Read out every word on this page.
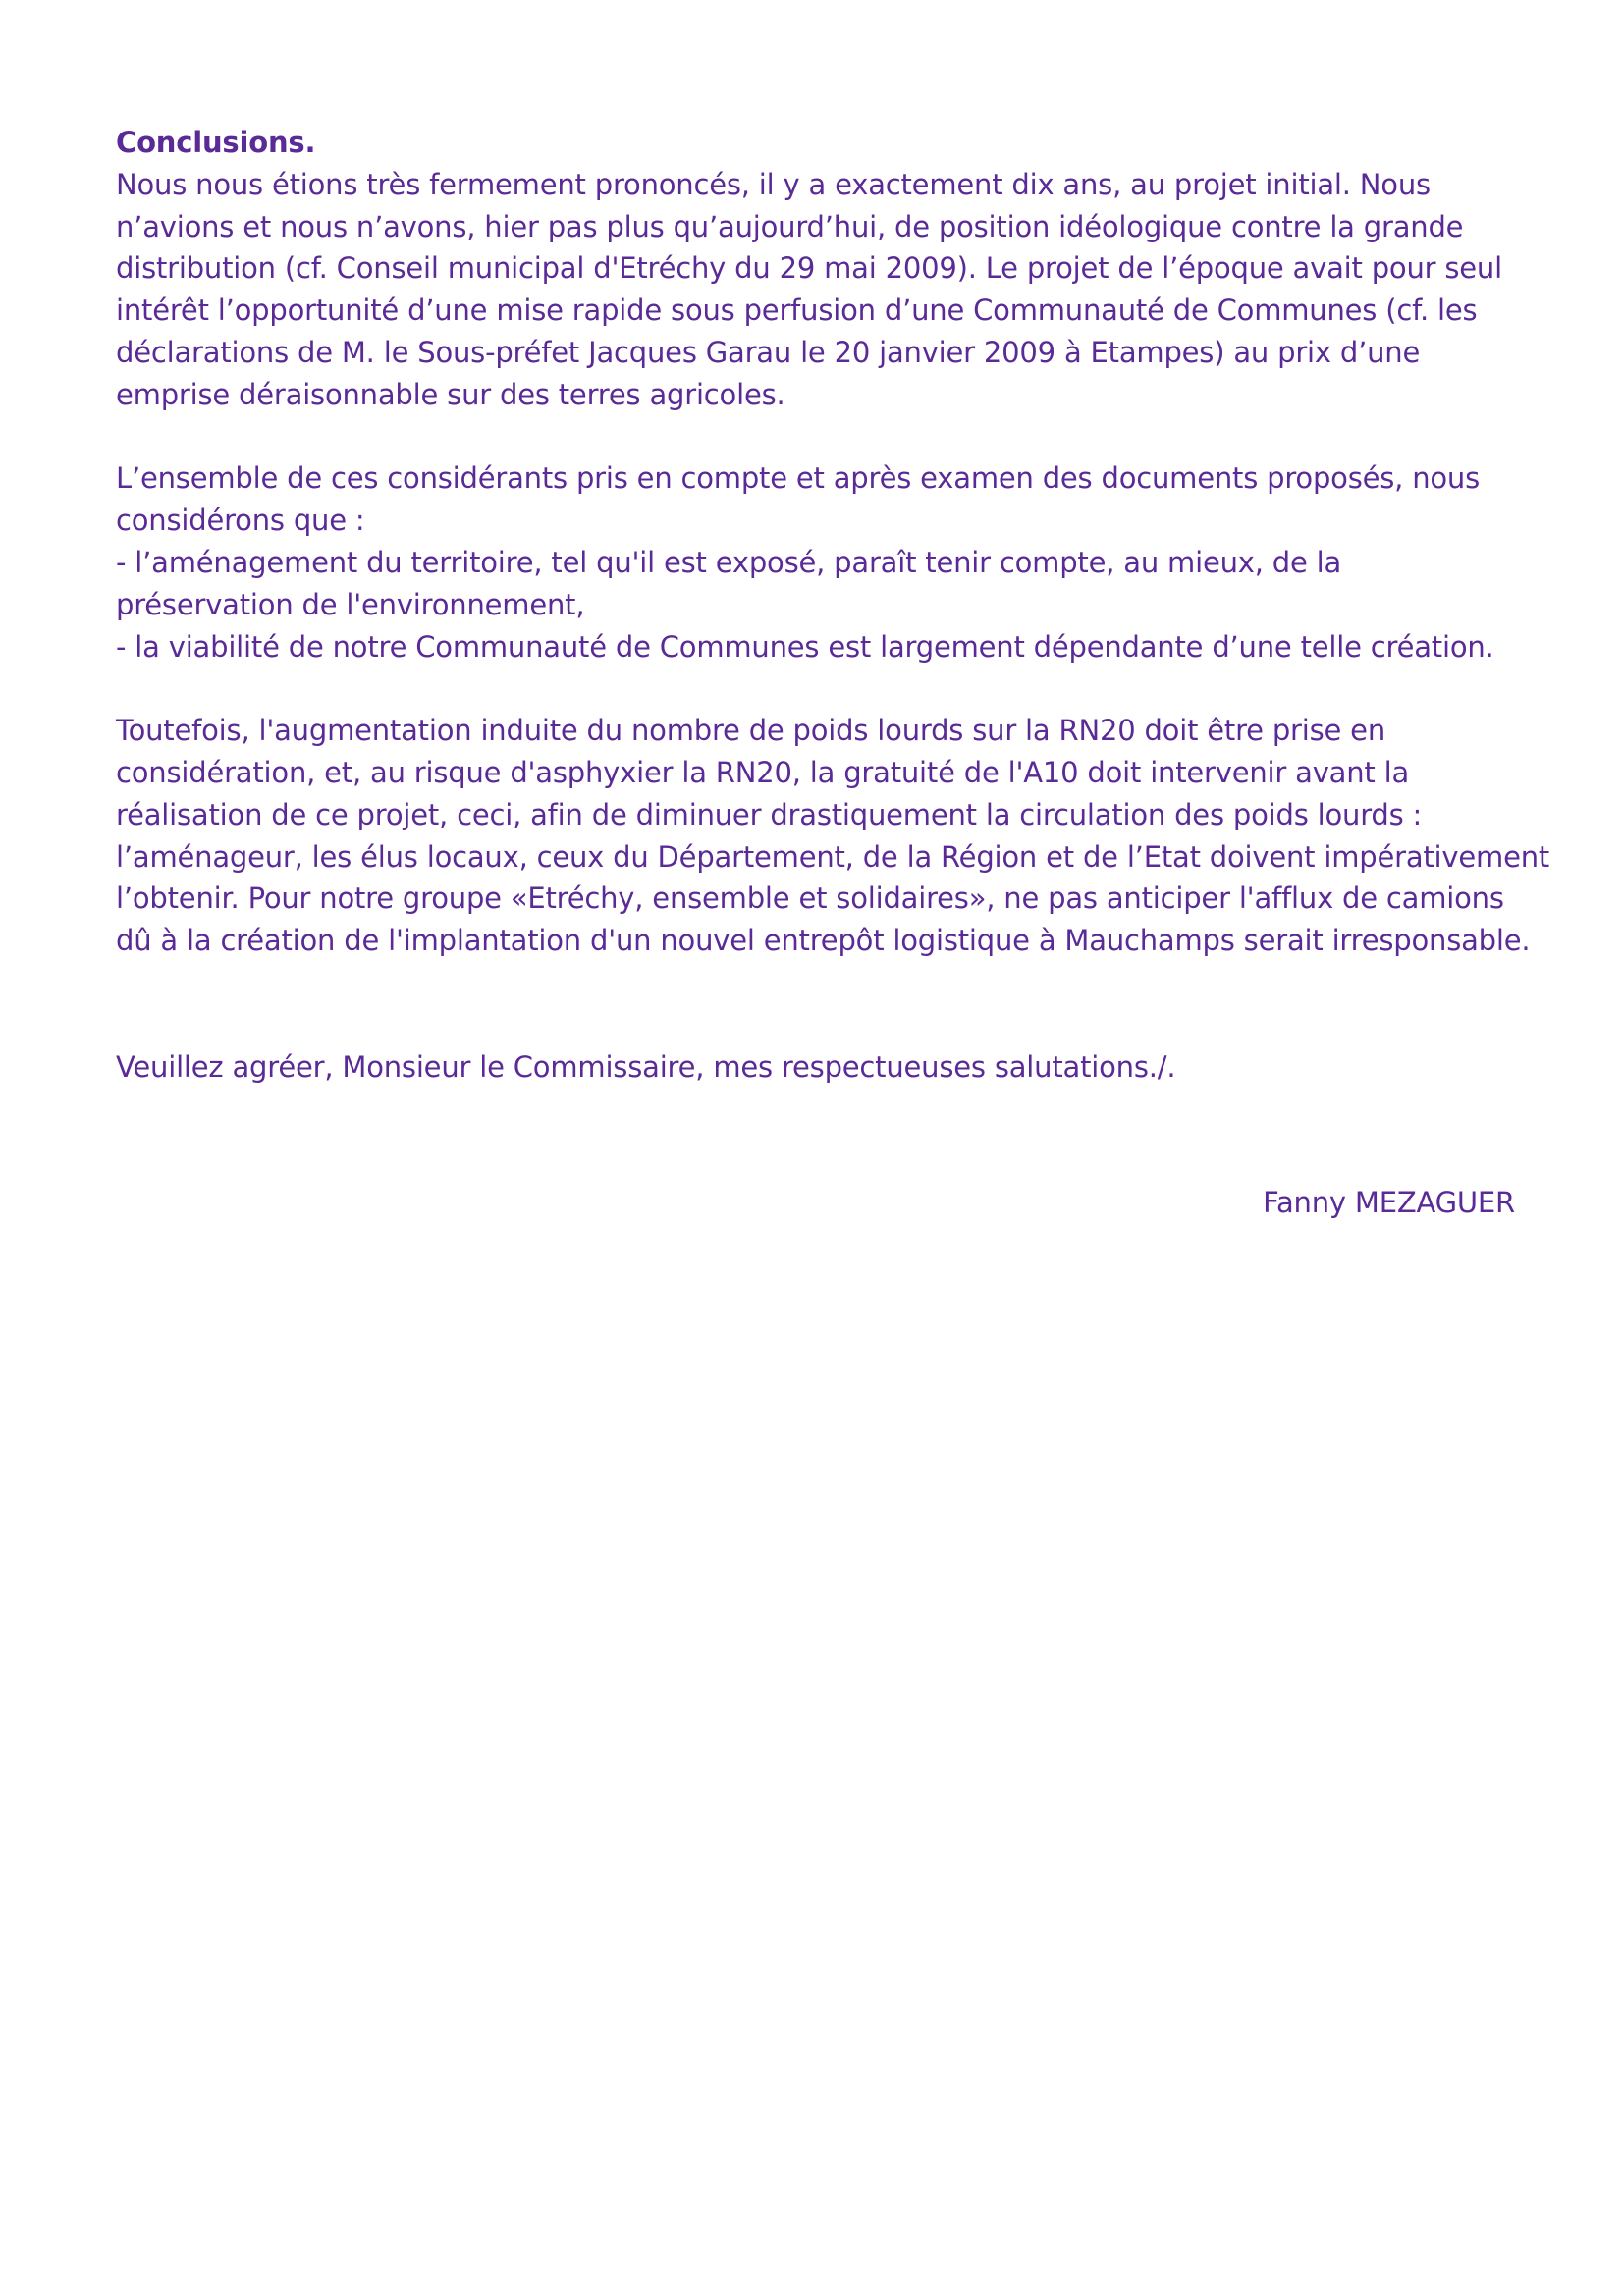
Conclusions.
Nous nous étions très fermement prononcés, il y a exactement dix ans, au projet initial. Nous
n’avions et nous n’avons, hier pas plus qu’aujourd’hui, de position idéologique contre la grande
distribution (cf. Conseil municipal d'Etréchy du 29 mai 2009). Le projet de l’époque avait pour seul
intérêt l’opportunité d’une mise rapide sous perfusion d’une Communauté de Communes (cf. les
déclarations de M. le Sous-préfet Jacques Garau le 20 janvier 2009 à Etampes) au prix d’une
emprise déraisonnable sur des terres agricoles.
L’ensemble de ces considérants pris en compte et après examen des documents proposés, nous
considérons que :
- l’aménagement du territoire, tel qu'il est exposé, paraît tenir compte, au mieux, de la
préservation de l'environnement,
- la viabilité de notre Communauté de Communes est largement dépendante d’une telle création.
Toutefois, l'augmentation induite du nombre de poids lourds sur la RN20 doit être prise en
considération, et, au risque d'asphyxier la RN20, la gratuité de l'A10 doit intervenir avant la
réalisation de ce projet, ceci, afin de diminuer drastiquement la circulation des poids lourds :
l’aménageur, les élus locaux, ceux du Département, de la Région et de l’Etat doivent impérativement
l’obtenir. Pour notre groupe «Etréchy, ensemble et solidaires», ne pas anticiper l'afflux de camions
dû à la création de l'implantation d'un nouvel entrepôt logistique à Mauchamps serait irresponsable.
Veuillez agréer, Monsieur le Commissaire, mes respectueuses salutations./.
Fanny MEZAGUER
